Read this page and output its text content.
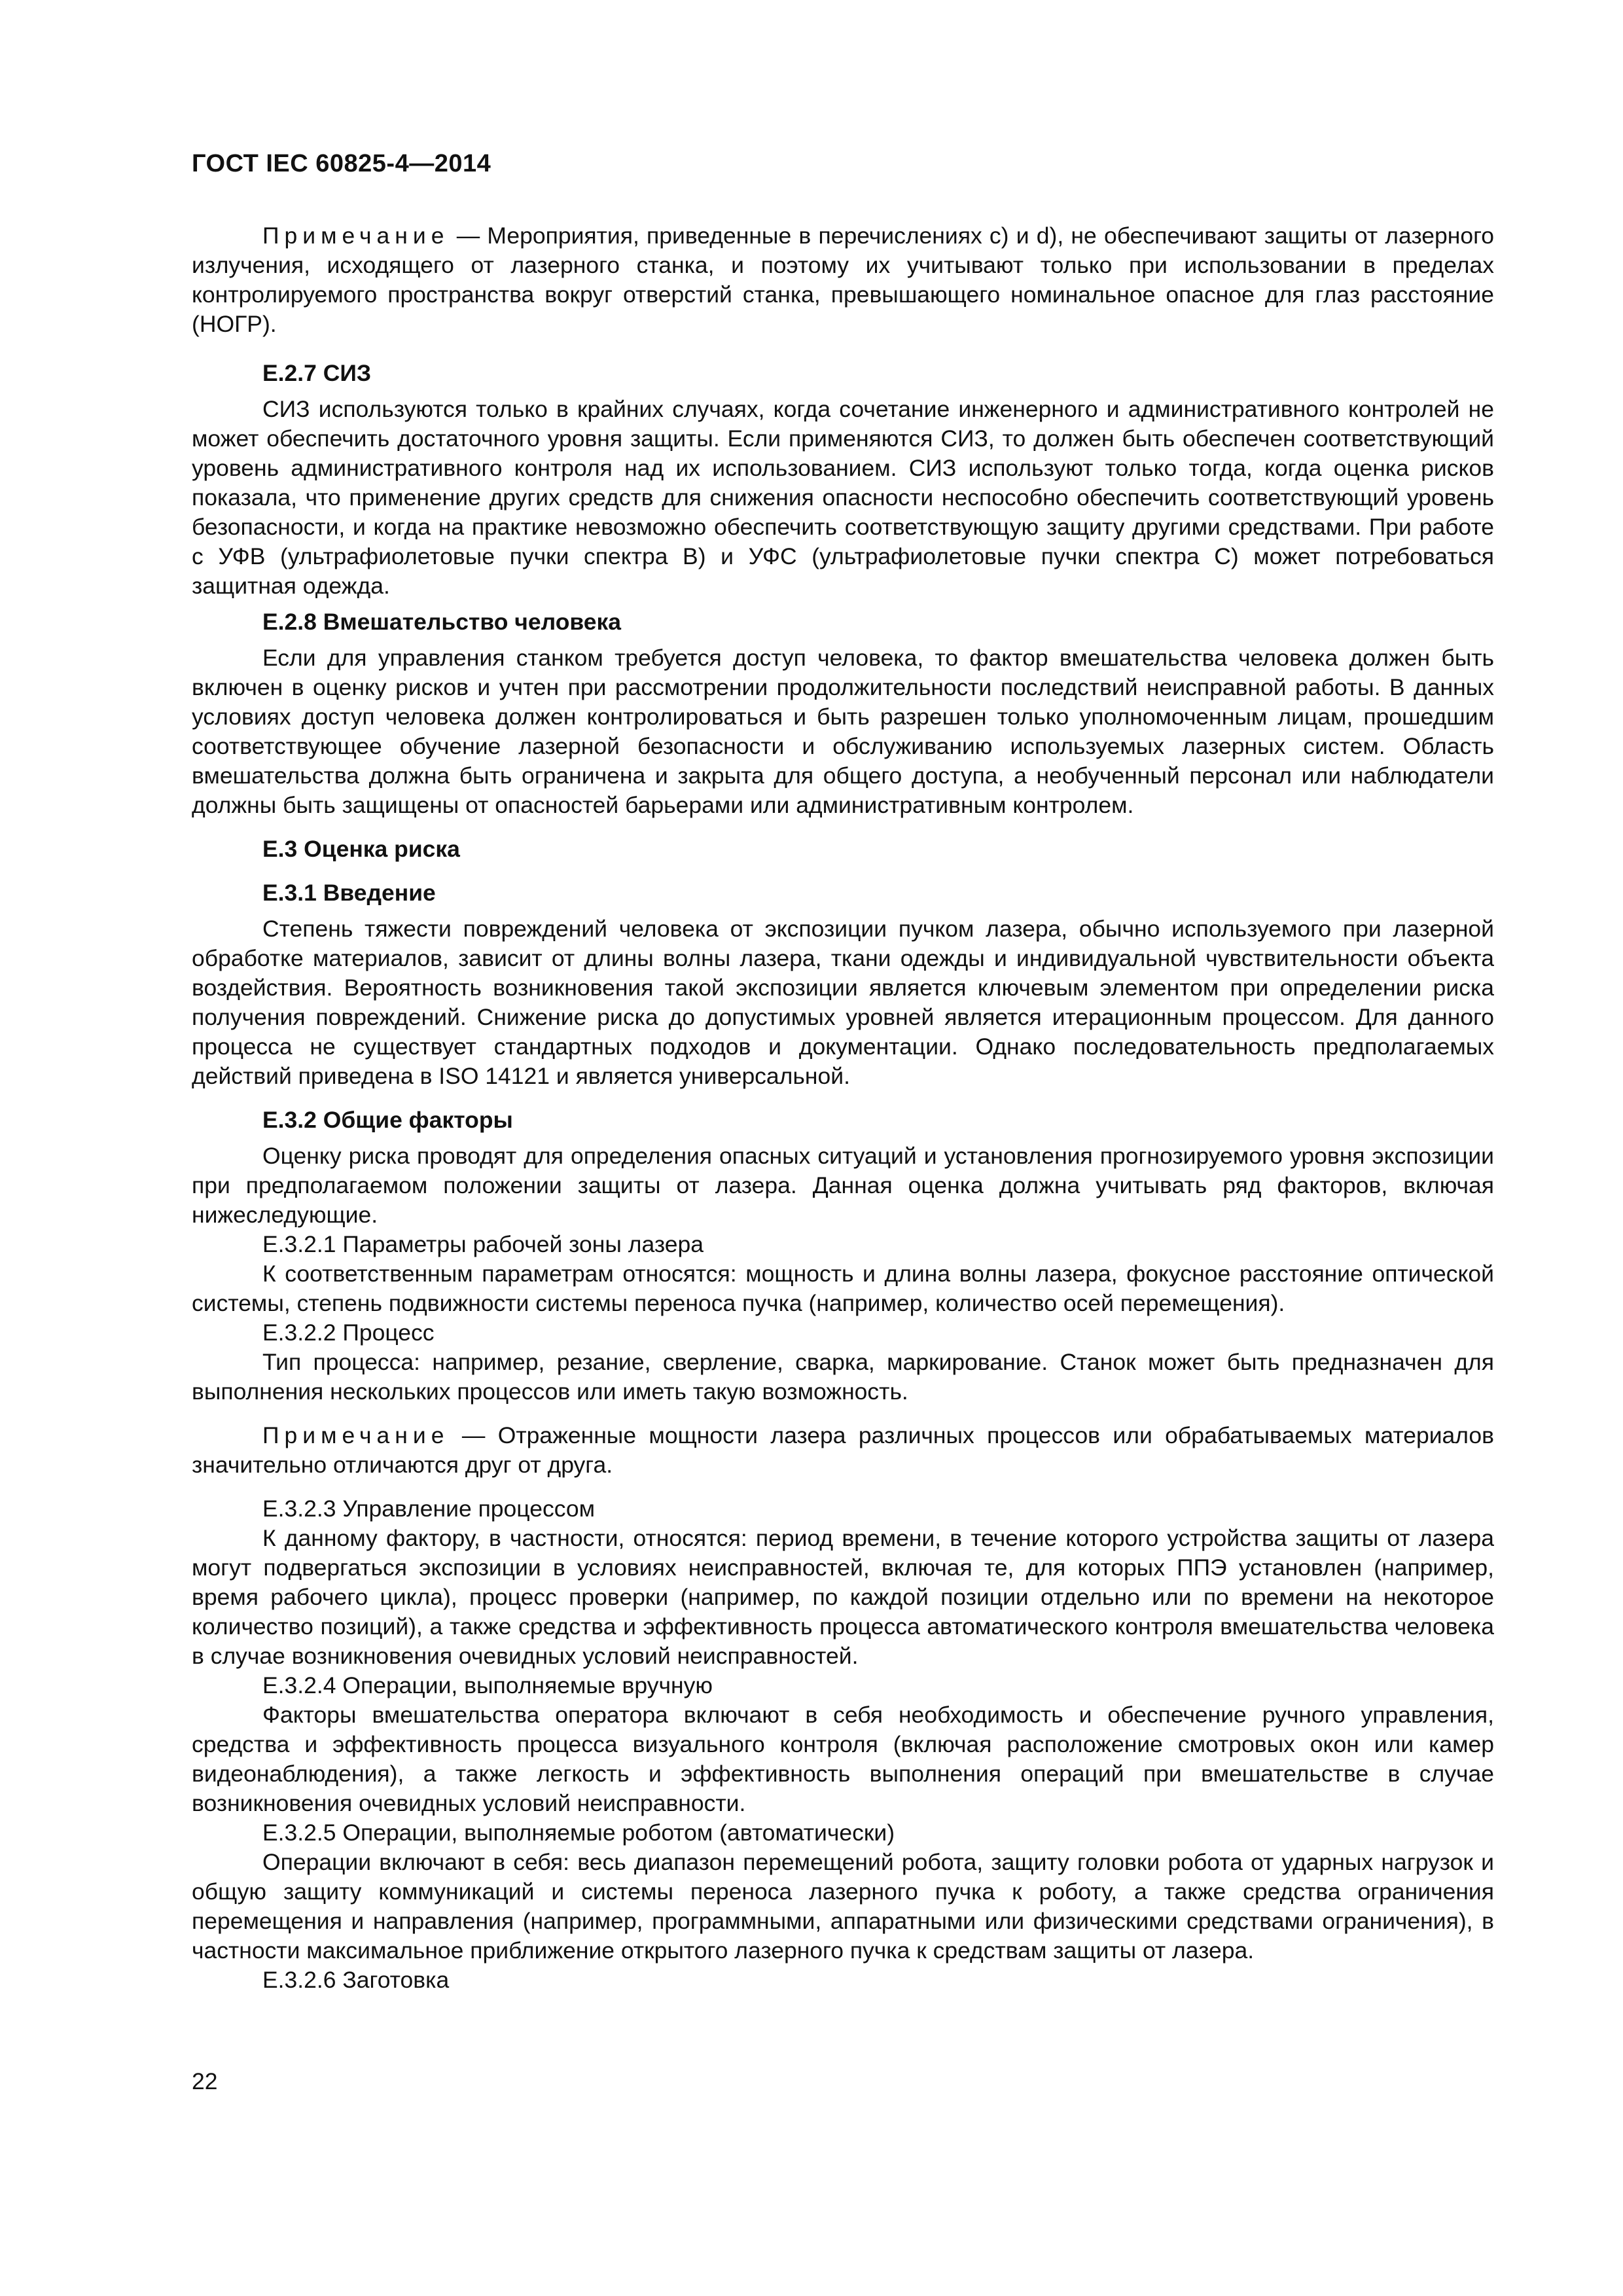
ГОСТ IEC 60825-4—2014

Примечание — Мероприятия, приведенные в перечислениях c) и d), не обеспечивают защиты от лазерного излучения, исходящего от лазерного станка, и поэтому их учитывают только при использовании в пределах контролируемого пространства вокруг отверстий станка, превышающего номинальное опасное для глаз расстояние (НОГР).

Е.2.7 СИЗ

СИЗ используются только в крайних случаях, когда сочетание инженерного и административного контролей не может обеспечить достаточного уровня защиты. Если применяются СИЗ, то должен быть обеспечен соответствующий уровень административного контроля над их использованием. СИЗ используют только тогда, когда оценка рисков показала, что применение других средств для снижения опасности неспособно обеспечить соответствующий уровень безопасности, и когда на практике невозможно обеспечить соответствующую защиту другими средствами. При работе с УФВ (ультрафиолетовые пучки спектра В) и УФС (ультрафиолетовые пучки спектра С) может потребоваться защитная одежда.

Е.2.8 Вмешательство человека

Если для управления станком требуется доступ человека, то фактор вмешательства человека должен быть включен в оценку рисков и учтен при рассмотрении продолжительности последствий неисправной работы. В данных условиях доступ человека должен контролироваться и быть разрешен только уполномоченным лицам, прошедшим соответствующее обучение лазерной безопасности и обслуживанию используемых лазерных систем. Область вмешательства должна быть ограничена и закрыта для общего доступа, а необученный персонал или наблюдатели должны быть защищены от опасностей барьерами или административным контролем.

Е.3 Оценка риска
Е.3.1 Введение

Степень тяжести повреждений человека от экспозиции пучком лазера, обычно используемого при лазерной обработке материалов, зависит от длины волны лазера, ткани одежды и индивидуальной чувствительности объекта воздействия. Вероятность возникновения такой экспозиции является ключевым элементом при определении риска получения повреждений. Снижение риска до допустимых уровней является итерационным процессом. Для данного процесса не существует стандартных подходов и документации. Однако последовательность предполагаемых действий приведена в ISO 14121 и является универсальной.

Е.3.2 Общие факторы

Оценку риска проводят для определения опасных ситуаций и установления прогнозируемого уровня экспозиции при предполагаемом положении защиты от лазера. Данная оценка должна учитывать ряд факторов, включая нижеследующие.

Е.3.2.1 Параметры рабочей зоны лазера

К соответственным параметрам относятся: мощность и длина волны лазера, фокусное расстояние оптической системы, степень подвижности системы переноса пучка (например, количество осей перемещения).

Е.3.2.2 Процесс

Тип процесса: например, резание, сверление, сварка, маркирование. Станок может быть предназначен для выполнения нескольких процессов или иметь такую возможность.

Примечание — Отраженные мощности лазера различных процессов или обрабатываемых материалов значительно отличаются друг от друга.

Е.3.2.3 Управление процессом

К данному фактору, в частности, относятся: период времени, в течение которого устройства защиты от лазера могут подвергаться экспозиции в условиях неисправностей, включая те, для которых ППЭ установлен (например, время рабочего цикла), процесс проверки (например, по каждой позиции отдельно или по времени на некоторое количество позиций), а также средства и эффективность процесса автоматического контроля вмешательства человека в случае возникновения очевидных условий неисправностей.

Е.3.2.4 Операции, выполняемые вручную

Факторы вмешательства оператора включают в себя необходимость и обеспечение ручного управления, средства и эффективность процесса визуального контроля (включая расположение смотровых окон или камер видеонаблюдения), а также легкость и эффективность выполнения операций при вмешательстве в случае возникновения очевидных условий неисправности.

Е.3.2.5 Операции, выполняемые роботом (автоматически)

Операции включают в себя: весь диапазон перемещений робота, защиту головки робота от ударных нагрузок и общую защиту коммуникаций и системы переноса лазерного пучка к роботу, а также средства ограничения перемещения и направления (например, программными, аппаратными или физическими средствами ограничения), в частности максимальное приближение открытого лазерного пучка к средствам защиты от лазера.

Е.3.2.6 Заготовка

22
